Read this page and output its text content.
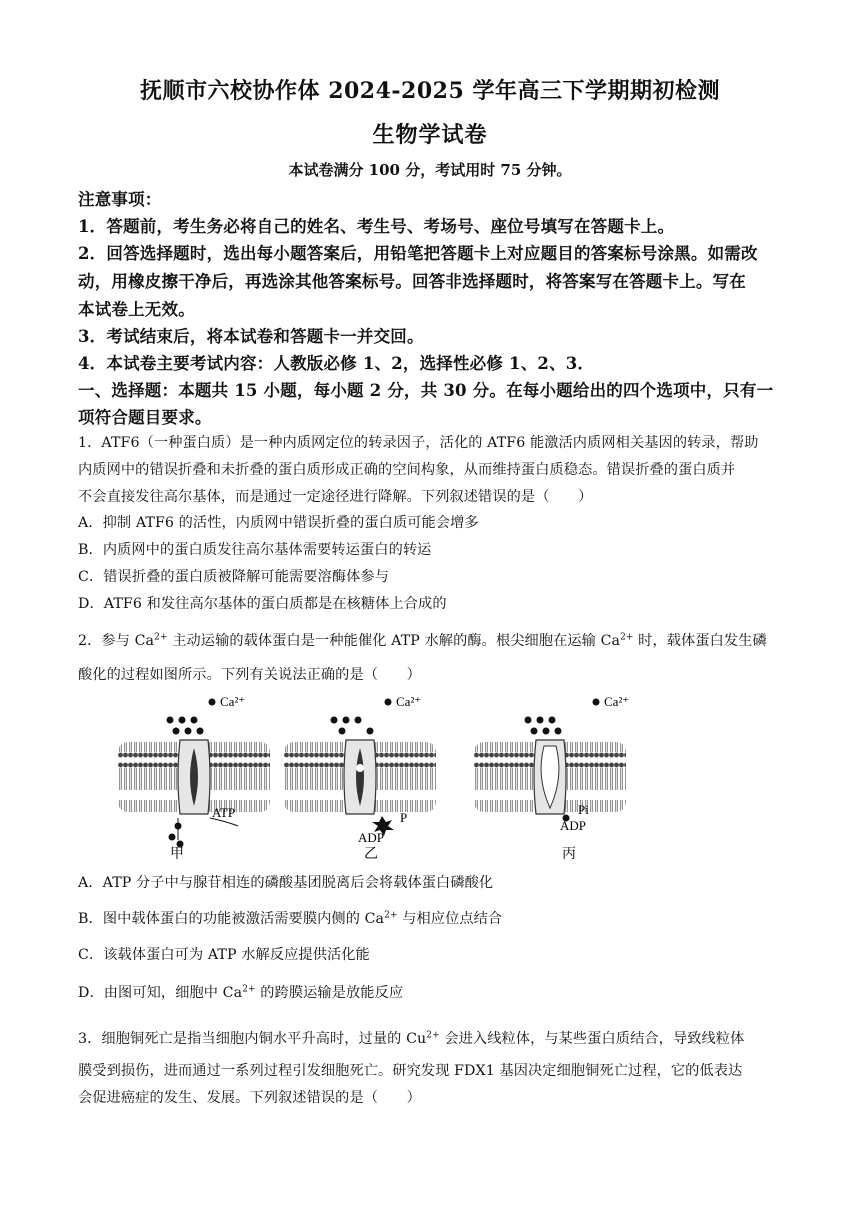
抚顺市六校协作体 2024-2025 学年高三下学期期初检测
生物学试卷
本试卷满分 100 分，考试用时 75 分钟。
注意事项：
1．答题前，考生务必将自己的姓名、考生号、考场号、座位号填写在答题卡上。
2．回答选择题时，选出每小题答案后，用铅笔把答题卡上对应题目的答案标号涂黑。如需改
动，用橡皮擦干净后，再选涂其他答案标号。回答非选择题时，将答案写在答题卡上。写在
本试卷上无效。
3．考试结束后，将本试卷和答题卡一并交回。
4．本试卷主要考试内容：人教版必修 1、2，选择性必修 1、2、3．
一、选择题：本题共 15 小题，每小题 2 分，共 30 分。在每小题给出的四个选项中，只有一
项符合题目要求。
1．ATF6（一种蛋白质）是一种内质网定位的转录因子，活化的 ATF6 能激活内质网相关基因的转录，帮助
内质网中的错误折叠和未折叠的蛋白质形成正确的空间构象，从而维持蛋白质稳态。错误折叠的蛋白质并
不会直接发往高尔基体，而是通过一定途径进行降解。下列叙述错误的是（　　）
A．抑制 ATF6 的活性，内质网中错误折叠的蛋白质可能会增多
B．内质网中的蛋白质发往高尔基体需要转运蛋白的转运
C．错误折叠的蛋白质被降解可能需要溶酶体参与
D．ATF6 和发往高尔基体的蛋白质都是在核糖体上合成的
2．参与 $Ca^{2+}$ 主动运输的载体蛋白是一种能催化 ATP 水解的酶。根尖细胞在运输 $Ca^{2+}$ 时，载体蛋白发生磷
酸化的过程如图所示。下列有关说法正确的是（　　）
Ca²⁺
ATP
甲
Ca²⁺
P
ADP
乙
Ca²⁺
Pi
ADP
丙
A．ATP 分子中与腺苷相连的磷酸基团脱离后会将载体蛋白磷酸化
B．图中载体蛋白的功能被激活需要膜内侧的 $Ca^{2+}$ 与相应位点结合
C．该载体蛋白可为 ATP 水解反应提供活化能
D．由图可知，细胞中 $Ca^{2+}$ 的跨膜运输是放能反应
3．细胞铜死亡是指当细胞内铜水平升高时，过量的 $Cu^{2+}$ 会进入线粒体，与某些蛋白质结合，导致线粒体
膜受到损伤，进而通过一系列过程引发细胞死亡。研究发现 FDX1 基因决定细胞铜死亡过程，它的低表达
会促进癌症的发生、发展。下列叙述错误的是（　　）
